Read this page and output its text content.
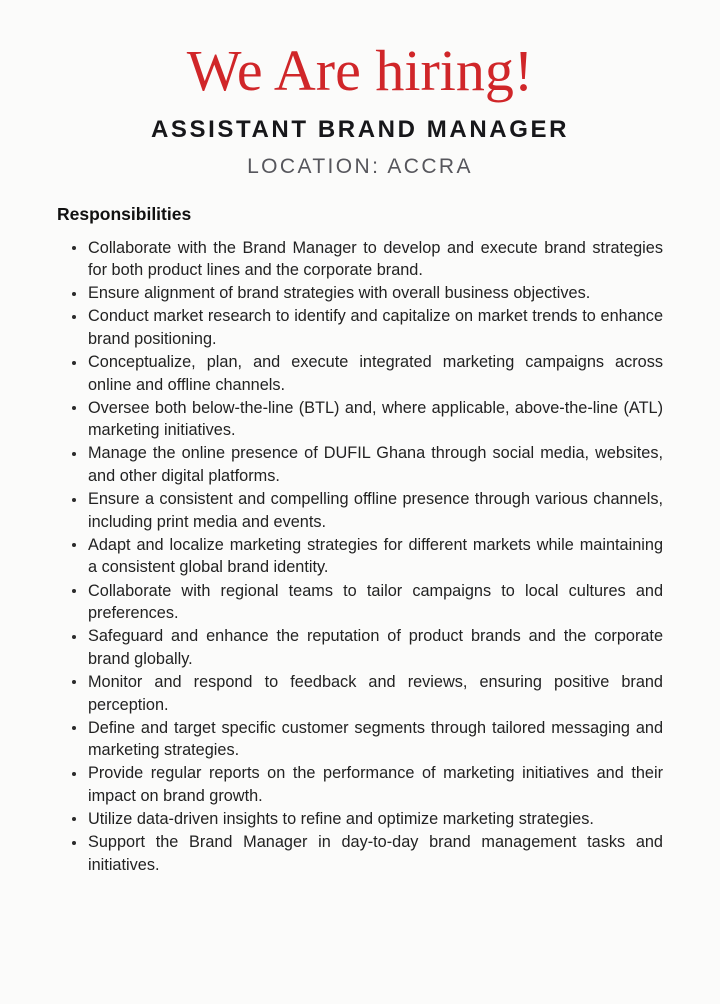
We Are hiring!
ASSISTANT BRAND MANAGER
LOCATION: ACCRA
Responsibilities
Collaborate with the Brand Manager to develop and execute brand strategies for both product lines and the corporate brand.
Ensure alignment of brand strategies with overall business objectives.
Conduct market research to identify and capitalize on market trends to enhance brand positioning.
Conceptualize, plan, and execute integrated marketing campaigns across online and offline channels.
Oversee both below-the-line (BTL) and, where applicable, above-the-line (ATL) marketing initiatives.
Manage the online presence of DUFIL Ghana through social media, websites, and other digital platforms.
Ensure a consistent and compelling offline presence through various channels, including print media and events.
Adapt and localize marketing strategies for different markets while maintaining a consistent global brand identity.
Collaborate with regional teams to tailor campaigns to local cultures and preferences.
Safeguard and enhance the reputation of product brands and the corporate brand globally.
Monitor and respond to feedback and reviews, ensuring positive brand perception.
Define and target specific customer segments through tailored messaging and marketing strategies.
Provide regular reports on the performance of marketing initiatives and their impact on brand growth.
Utilize data-driven insights to refine and optimize marketing strategies.
Support the Brand Manager in day-to-day brand management tasks and initiatives.
